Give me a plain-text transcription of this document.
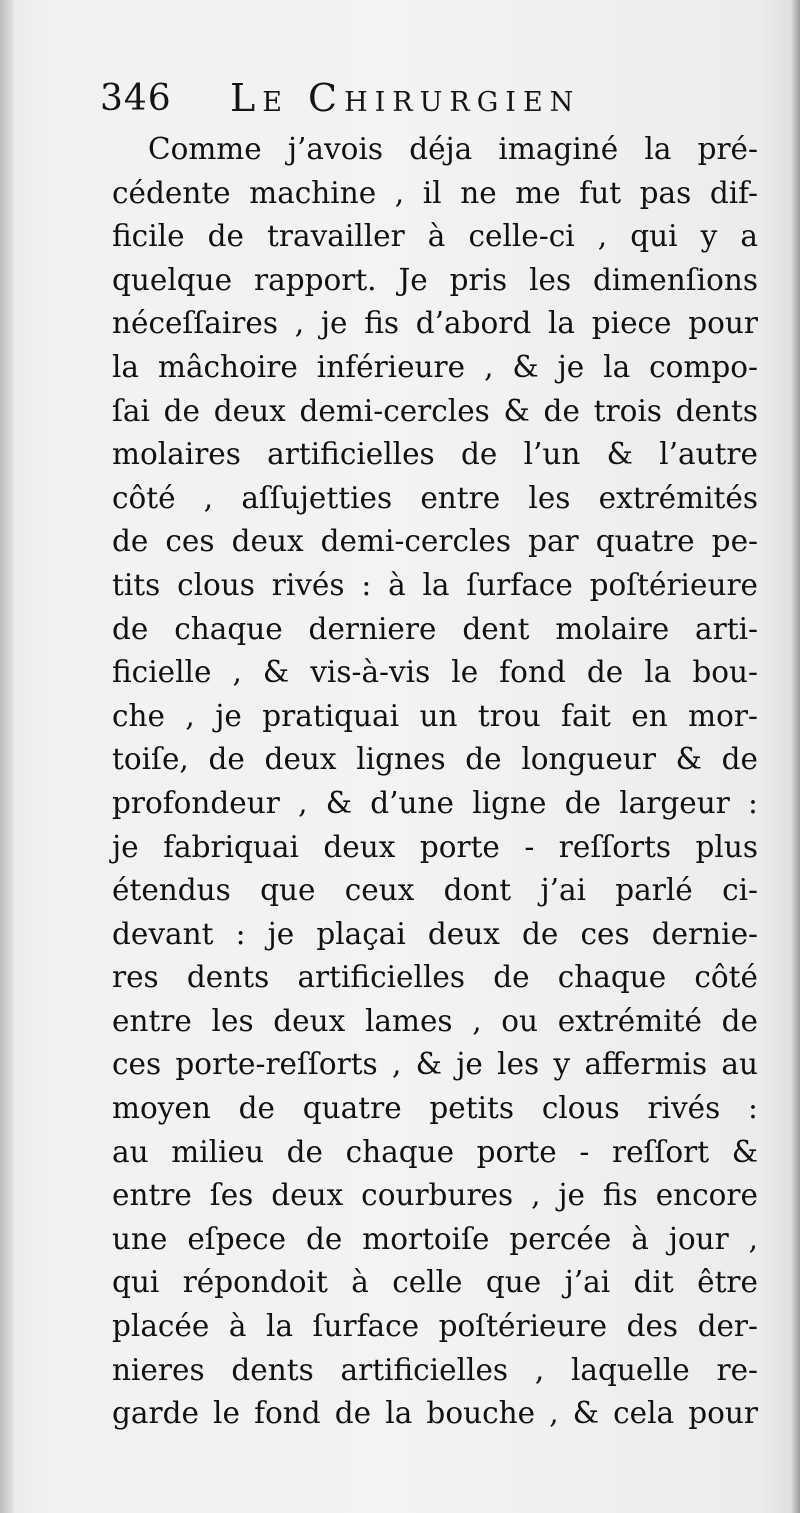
346 Le Chirurgien
Comme j’avois déja imaginé la pré-
cédente machine , il ne me fut pas dif-
ficile de travailler à celle-ci , qui y a
quelque rapport. Je pris les dimenſions
néceſſaires , je fis d’abord la piece pour
la mâchoire inférieure , & je la compo-
ſai de deux demi-cercles & de trois dents
molaires artificielles de l’un & l’autre
côté , aſſujetties entre les extrémités
de ces deux demi-cercles par quatre pe-
tits clous rivés : à la ſurface poſtérieure
de chaque derniere dent molaire arti-
ficielle , & vis-à-vis le fond de la bou-
che , je pratiquai un trou fait en mor-
toiſe, de deux lignes de longueur & de
profondeur , & d’une ligne de largeur :
je fabriquai deux porte - reſſorts plus
étendus que ceux dont j’ai parlé ci-
devant : je plaçai deux de ces dernie-
res dents artificielles de chaque côté
entre les deux lames , ou extrémité de
ces porte-reſſorts , & je les y affermis au
moyen de quatre petits clous rivés :
au milieu de chaque porte - reſſort &
entre ſes deux courbures , je fis encore
une eſpece de mortoiſe percée à jour ,
qui répondoit à celle que j’ai dit être
placée à la ſurface poſtérieure des der-
nieres dents artificielles , laquelle re-
garde le fond de la bouche , & cela pour
